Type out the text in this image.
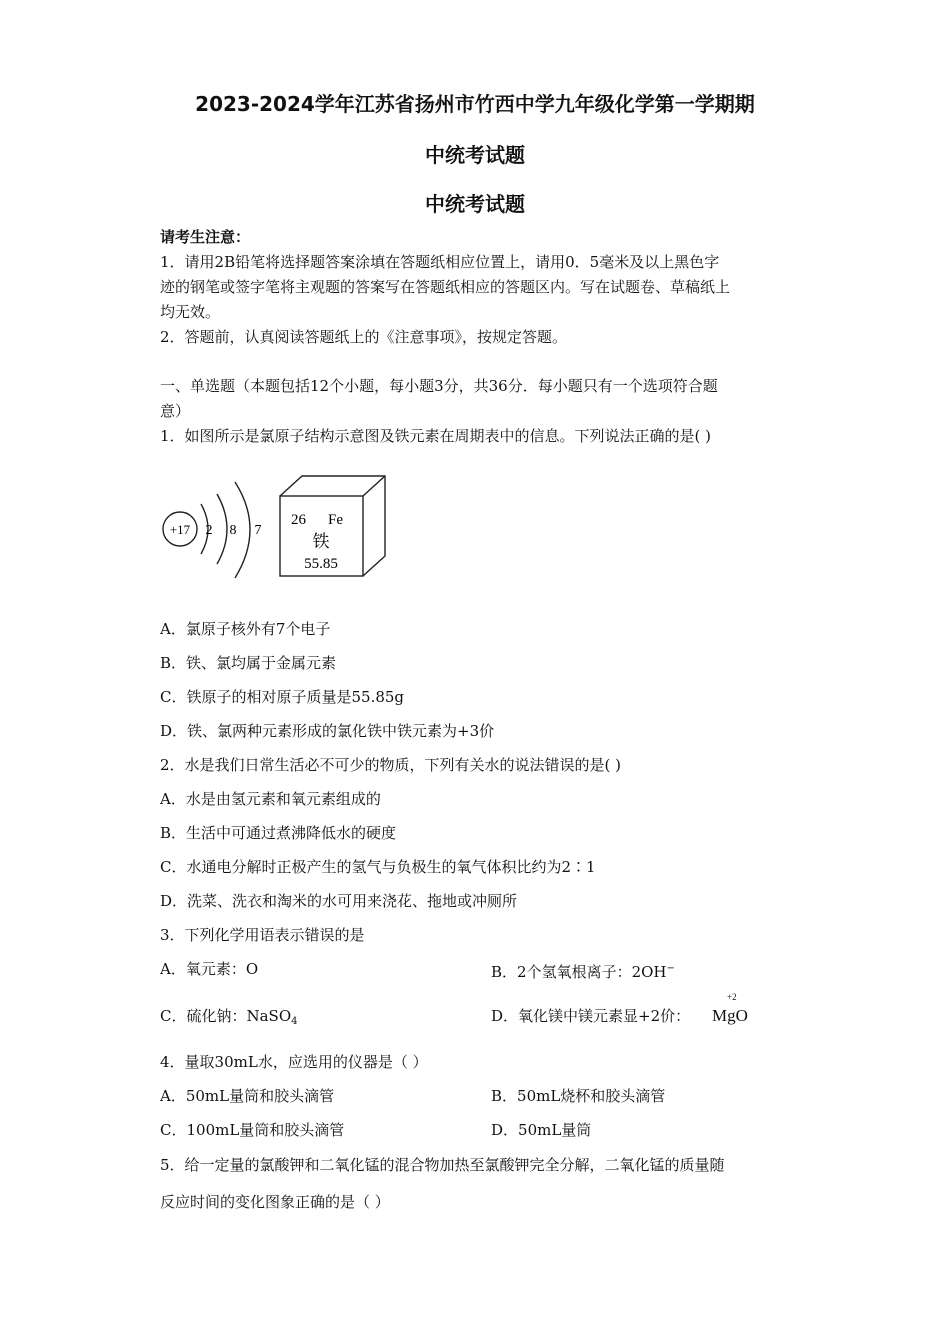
2023-2024学年江苏省扬州市竹西中学九年级化学第一学期期
中统考试题
中统考试题
请考生注意：
1．请用2B铅笔将选择题答案涂填在答题纸相应位置上，请用0．5毫米及以上黑色字
迹的钢笔或签字笔将主观题的答案写在答题纸相应的答题区内。写在试题卷、草稿纸上
均无效。
2．答题前，认真阅读答题纸上的《注意事项》，按规定答题。
一、单选题（本题包括12个小题，每小题3分，共36分．每小题只有一个选项符合题
意）
1．如图所示是氯原子结构示意图及铁元素在周期表中的信息。下列说法正确的是( )
+17 2 8 7
26 Fe
铁
55.85
A．氯原子核外有7个电子
B．铁、氯均属于金属元素
C．铁原子的相对原子质量是55.85g
D．铁、氯两种元素形成的氯化铁中铁元素为+3价
2．水是我们日常生活必不可少的物质，下列有关水的说法错误的是( )
A．水是由氢元素和氧元素组成的
B．生活中可通过煮沸降低水的硬度
C．水通电分解时正极产生的氢气与负极生的氧气体积比约为2∶1
D．洗菜、洗衣和淘米的水可用来浇花、拖地或冲厕所
3．下列化学用语表示错误的是
A．氧元素：O	B．2个氢氧根离子：2OH−
C．硫化钠：NaSO$_4$	D．氧化镁中镁元素显+2价：
+2
MgO
4．量取30mL水，应选用的仪器是（ ）
A．50mL量筒和胶头滴管	B．50mL烧杯和胶头滴管
C．100mL量筒和胶头滴管	D．50mL量筒
5．给一定量的氯酸钾和二氧化锰的混合物加热至氯酸钾完全分解，二氧化锰的质量随
反应时间的变化图象正确的是（ ）
